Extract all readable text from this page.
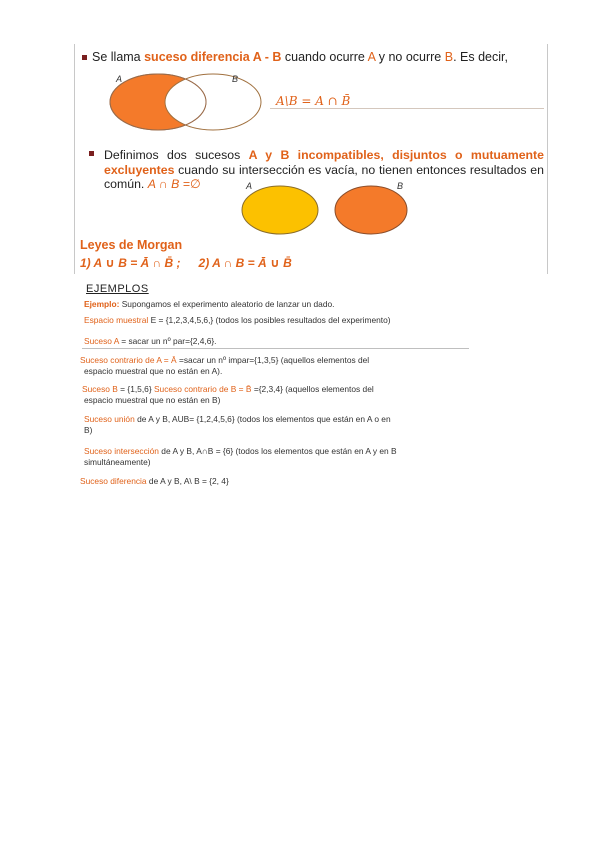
Se llama suceso diferencia A - B cuando ocurre A y no ocurre B. Es decir,
A	B
A\B = A ∩ B̄
Definimos dos sucesos A y B incompatibles, disjuntos o mutuamente excluyentes cuando su intersección es vacía, no tienen entonces resultados en común. A ∩ B =∅	A	B
Leyes de Morgan
1) A ∪ B = Ā ∩ B̄ ; 2) A ∩ B = Ā ∪ B̄
EJEMPLOS
Ejemplo: Supongamos el experimento aleatorio de lanzar un dado.
Espacio muestral E = {1,2,3,4,5,6,} (todos los posibles resultados del experimento)
Suceso A = sacar un nº par={2,4,6}.
Suceso contrario de A = Ā =sacar un nº impar={1,3,5} (aquellos elementos del
espacio muestral que no están en A).
Suceso B = {1,5,6} Suceso contrario de B = B̄ ={2,3,4} (aquellos elementos del
espacio muestral que no están en B)
Suceso unión de A y B, AUB= {1,2,4,5,6} (todos los elementos que están en A o en
B)
Suceso intersección de A y B, A∩B = {6} (todos los elementos que están en A y en B
simultáneamente)
Suceso diferencia de A y B, A\ B = {2, 4}
